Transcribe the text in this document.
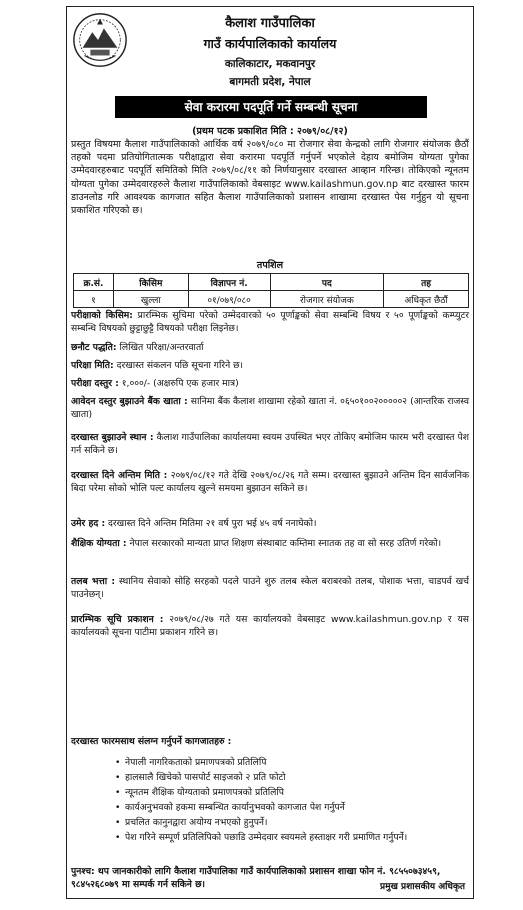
कैलाश गाउँपालिका
गाउँ कार्यपालिकाको कार्यालय
कालिकाटार, मकवानपुर
बागमती प्रदेश, नेपाल
सेवा करारमा पदपूर्ति गर्ने सम्बन्धी सूचना
(प्रथम पटक प्रकाशित मिति : २०७९/०८/१२)
प्रस्तुत विषयमा कैलाश गाउँपालिकाको आर्थिक वर्ष २०७९/०८० मा रोजगार सेवा केन्द्रको लागि रोजगार संयोजक छैठौं तहको पदमा प्रतियोगितात्मक परीक्षाद्वारा सेवा करारमा पदपूर्ति गर्नुपर्ने भएकोले देहाय बमोजिम योग्यता पुगेका उम्मेदवारहरुबाट पदपूर्ति समितिको मिति २०७९/०८/११ को निर्णयानुसार दरखास्त आव्हान गरिन्छ। तोकिएको न्यूनतम योग्यता पुगेका उम्मेदवारहरुले कैलाश गाउँपालिकाको वेबसाइट www.kailashmun.gov.np बाट दरखास्त फारम डाउनलोड गरि आवश्यक कागजात सहित कैलाश गाउँपालिकाको प्रशासन शाखामा दरखास्त पेस गर्नुहुन यो सूचना प्रकाशित गरिएको छ।
तपशिल
क्र.सं.	किसिम	विज्ञापन नं.	पद	तह
१	खुल्ला	०१/०७९/०८०	रोजगार संयोजक	अधिकृत छैठौं
परीक्षाको किसिम: प्रारम्भिक सुचिमा परेको उम्मेदवारको ५० पूर्णाङ्कको सेवा सम्बन्धि विषय र ५० पूर्णाङ्कको कम्प्युटर सम्बन्धि विषयको छुट्टाछुट्टै विषयको परीक्षा लिइनेछ।
छनौट पद्धति: लिखित परिक्षा/अन्तरवार्ता
परिक्षा मिति: दरखास्त संकलन पछि सूचना गरिने छ।
परीक्षा दस्तुर : १,०००/- (अक्षरुपि एक हजार मात्र)
आवेदन दस्तुर बुझाउने बैंक खाता : सानिमा बैंक कैलाश शाखामा रहेको खाता नं. ०६५०१००२०००००२ (आन्तरिक राजस्व खाता)
दरखास्त बुझाउने स्थान : कैलाश गाउँपालिका कार्यालयमा स्वयम उपस्थित भएर तोकिए बमोजिम फारम भरी दरखास्त पेश गर्न सकिने छ।
दरखास्त दिने अन्तिम मिति : २०७९/०८/१२ गते देखि २०७९/०८/२६ गते सम्म। दरखास्त बुझाउने अन्तिम दिन सार्वजनिक बिदा परेमा सोको भोलि पल्ट कार्यालय खुल्ने समयमा बुझाउन सकिने छ।
उमेर हद : दरखास्त दिने अन्तिम मितिमा २१ वर्ष पुरा भई ४५ वर्ष ननाघेको।
शैक्षिक योग्यता : नेपाल सरकारको मान्यता प्राप्त शिक्षण संस्थाबाट कम्तिमा स्नातक तह वा सो सरह उतिर्ण गरेको।
तलब भत्ता : स्थानिय सेवाको सोहि सरहको पदले पाउने शुरु तलब स्केल बराबरको तलब, पोशाक भत्ता, चाडपर्व खर्च पाउनेछन्।
प्रारम्भिक सूचि प्रकाशन : २०७९/०८/२७ गते यस कार्यालयको वेबसाइट www.kailashmun.gov.np र यस कार्यालयको सूचना पाटीमा प्रकाशन गरिने छ।
दरखास्त फारमसाथ संलग्न गर्नुपर्ने कागजातहरु :
• नेपाली नागरिकताको प्रमाणपत्रको प्रतिलिपि
• हालसालै खिचेको पासपोर्ट साइजको २ प्रति फोटो
• न्यूनतम शैक्षिक योग्यताको प्रमाणपत्रको प्रतिलिपि
• कार्यअनुभवको हकमा सम्बन्धित कार्यानुभवको कागजात पेश गर्नुपर्ने
• प्रचलित कानुनद्वारा अयोग्य नभएको हुनुपर्ने।
• पेश गरिने सम्पूर्ण प्रतिलिपिको पछाडि उम्मेदवार स्वयमले हस्ताक्षर गरी प्रमाणित गर्नुपर्ने।
पुनश्च: थप जानकारीको लागि कैलाश गाउँपालिका गाउँ कार्यपालिकाको प्रशासन शाखा फोन नं. ९८५५०७३४५९, ९८४५२६८०७९ मा सम्पर्क गर्न सकिने छ।	प्रमुख प्रशासकीय अधिकृत
